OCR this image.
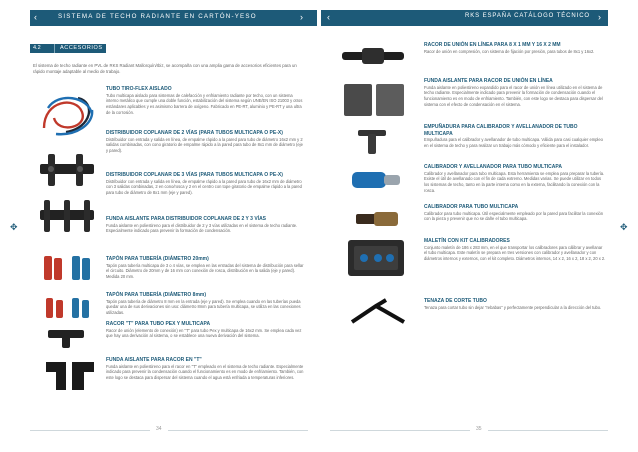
‹	›	‹	›
SISTEMA DE TECHO RADIANTE EN CARTÓN-YESO	RKS ESPAÑA CATÁLOGO TÉCNICO
✥	✥
4.2	ACCESORIOS
El sistema de techo radiante en PVL de RKS Radiant Mallorquín/Ibiz, se acompaña con una amplia gama de accesorios eficientes para un rápido montaje adaptable al medio de trabajo.
TUBO TIRO-FLEX AISLADO
Tubo multicapa aislado para sistemas de calefacción y enfriamiento radiante por techo, con un sistema interno metálico que cumple una doble función, estabilización del sistema según UNE/EN ISO 21003 y otros estándares aplicables y es asimismo barrera de oxígeno. Fabricado en PE-RT, aluminio y PE-RT y una ultra de la corrosión.
DISTRIBUIDOR COPLANAR DE 2 VÍAS (PARA TUBOS MULTICAPA O PE-X)
Distribuidor con entrada y salida en línea, de empalme rápido a la pared para tubo de diámetro 16x2 mm y 2 salidas combinadas, con cono giratorio de empalme rápido a la pared para tubo de 8x1 mm de diámetro (eje y pared).
DISTRIBUIDOR COPLANAR DE 3 VÍAS (PARA TUBOS MULTICAPA O PE-X)
Distribuidor con entrada y salida en línea, de empalme rápido a la pared para tubo de 16x2 mm de diámetro con 3 salidas combinadas, 2 en cono/rosca y 2 en el centro con tope giratorio de empalme rápido a la pared para tubo de diámetro de 8x1 mm (eje y pared).
FUNDA AISLANTE PARA DISTRIBUIDOR COPLANAR DE 2 Y 3 VÍAS
Funda aislante en poliestireno para el distribuidor de 2 y 3 vías utilizadas en el sistema de techo radiante. Especialmente indicado para prevenir la formación de condensación.
TAPÓN PARA TUBERÍA (DIÁMETRO 20mm)
Tapón para tubería multicapa de 3 o 4 vías, se emplea en las entradas del sistema de distribución para sellar el circuito. Diámetro de 20mm y de 16 mm con conexión de rosca, distribución en la salida (eje y pared). Medida 20 mm.
TAPÓN PARA TUBERÍA (DIÁMETRO 8mm)
Tapón para tubería de diámetro 8 mm en la entrada (eje y pared). Se emplea cuando en las tuberías pueda quedar una de sus derivaciones sin uso: diámetro 8mm para tubería multicapa, se utiliza en las conexiones utilizadas.
RACOR "T" PARA TUBO PEX Y MULTICAPA
Racor de unión (elemento de conexión) en "T" para tubo Pex y multicapa de 16x2 mm. Se emplea cada vez que hay una derivación al sistema, o se establece una nueva derivación del sistema.
FUNDA AISLANTE PARA RACOR EN "T"
Funda aislante en poliestireno para el racor en "T" empleado en el sistema de techo radiante. Especialmente indicado para prevenir la condensación cuando el funcionamiento es en modo de enfriamiento. También, con este logo se destaca para dispersar del sistema cuando el agua está enfriada a temperaturas inferiores.
RACOR DE UNIÓN EN LÍNEA PARA 8 X 1 MM Y 16 X 2 MM
Racor de unión en compresión, con sistema de fijación por presión, para tubos de 8x1 y 16x2.
FUNDA AISLANTE PARA RACOR DE UNIÓN EN LÍNEA
Funda aislante en poliestireno expandido para el racor de unión en línea utilizado en el sistema de techo radiante. Especialmente indicado para prevenir la formación de condensación cuando el funcionamiento es en modo de enfriamiento. También, con este logo se destaca para dispersar del sistema con el efecto de condensación en el sistema.
EMPUÑADURA PARA CALIBRADOR Y AVELLANADOR DE TUBO MULTICAPA
Empuñadura para el calibrador y avellanador de tubo multicapa. Válida para casi cualquier empleo en el sistema de techo y para realizar un trabajo más cómodo y eficiente para el instalador.
CALIBRADOR Y AVELLANADOR PARA TUBO MULTICAPA
Calibrador y avellanador para tubo multicapa. Esta herramienta se emplea para preparar la tubería. Existe el útil de avellanado con el fin de cada extremo. Medidas varias. Se puede utilizar en todos los sistemas de techo, tanto en la parte interna como en la externa, facilitando la conexión con la rosca.
CALIBRADOR PARA TUBO MULTICAPA
Calibrador para tubo multicapa. Útil especialmente empleado por la pared para facilitar la conexión con la pieza y prevenir que no se dañe el tubo multicapa.
MALETÍN CON KIT CALIBRADORES
Conjunto maletín de 186 x 283 mm, en el que transportar los calibradores para cálibrar y avellanar el tubo multicapa. Este maletín se prepara en tres versiones con calibrador y avellanador y con diámetros internos y externos, con el kit completo. Diámetros internos, 14 x 2, 16 x 2, 18 x 2, 20 x 2.
TENAZA DE CORTE TUBO
Tenaza para cortar tubo sin dejar "rebabas" y perfectamente perpendicular a la dirección del tubo.
34	35
